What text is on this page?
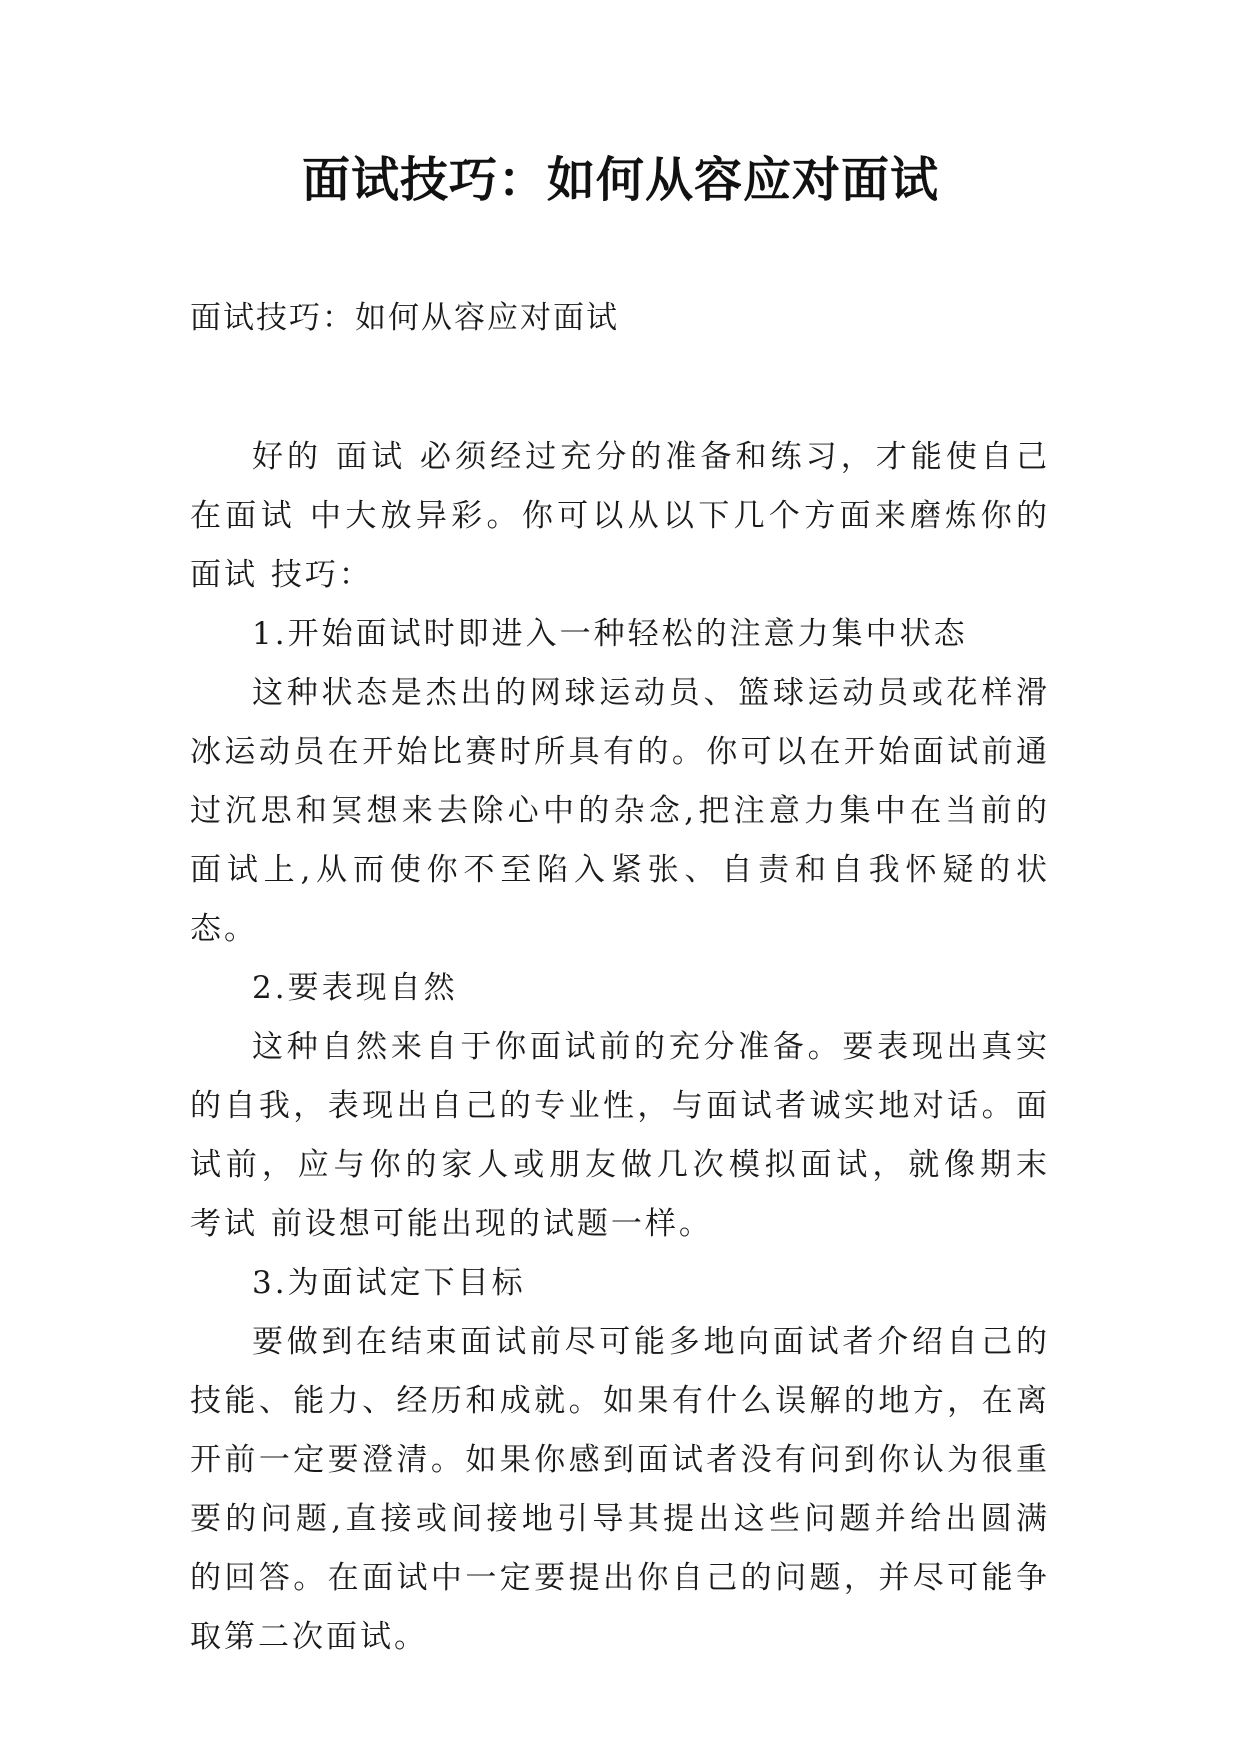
面试技巧：如何从容应对面试

面试技巧：如何从容应对面试

好的 面试 必须经过充分的准备和练习，才能使自己在面试 中大放异彩。你可以从以下几个方面来磨炼你的 面试 技巧：

1.开始面试时即进入一种轻松的注意力集中状态

这种状态是杰出的网球运动员、篮球运动员或花样滑冰运动员在开始比赛时所具有的。你可以在开始面试前通过沉思和冥想来去除心中的杂念,把注意力集中在当前的面试上,从而使你不至陷入紧张、自责和自我怀疑的状态。

2.要表现自然

这种自然来自于你面试前的充分准备。要表现出真实的自我，表现出自己的专业性，与面试者诚实地对话。面试前，应与你的家人或朋友做几次模拟面试，就像期末 考试 前设想可能出现的试题一样。

3.为面试定下目标

要做到在结束面试前尽可能多地向面试者介绍自己的技能、能力、经历和成就。如果有什么误解的地方，在离开前一定要澄清。如果你感到面试者没有问到你认为很重要的问题,直接或间接地引导其提出这些问题并给出圆满的回答。在面试中一定要提出你自己的问题，并尽可能争取第二次面试。
